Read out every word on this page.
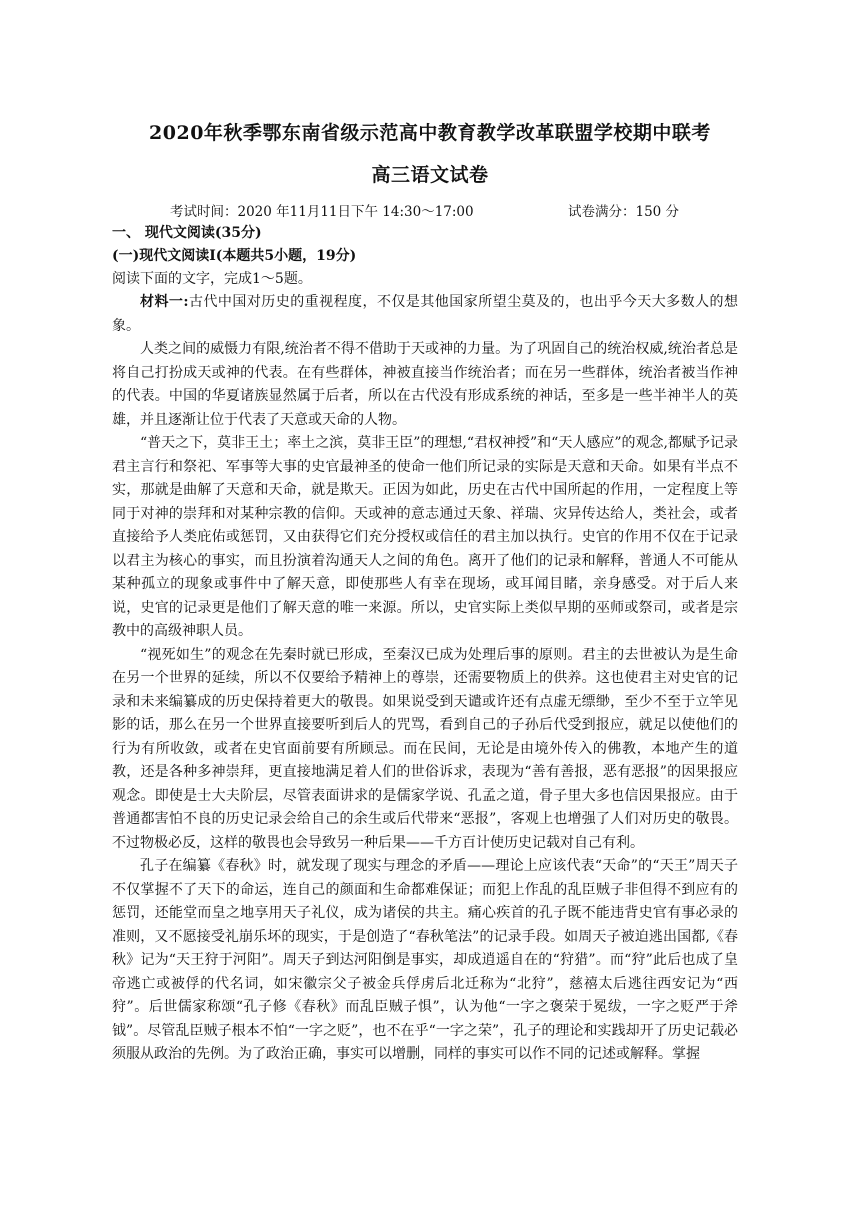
2020年秋季鄂东南省级示范高中教育教学改革联盟学校期中联考
高三语文试卷
考试时间：2020 年11月11日下午 14:30～17:00	试卷满分：150 分
一、 现代文阅读(35分)
(一)现代文阅读Ⅰ(本题共5小题，19分)
阅读下面的文字，完成1～5题。

材料一:古代中国对历史的重视程度，不仅是其他国家所望尘莫及的，也出乎今天大多数人的想象。

人类之间的威慑力有限,统治者不得不借助于天或神的力量。为了巩固自己的统治权威,统治者总是将自己打扮成天或神的代表。在有些群体，神被直接当作统治者；而在另一些群体，统治者被当作神的代表。中国的华夏诸族显然属于后者，所以在古代没有形成系统的神话，至多是一些半神半人的英雄，并且逐渐让位于代表了天意或天命的人物。

“普天之下，莫非王土；率土之滨，莫非王臣”的理想,“君权神授”和“天人感应”的观念,都赋予记录君主言行和祭祀、军事等大事的史官最神圣的使命一他们所记录的实际是天意和天命。如果有半点不实，那就是曲解了天意和天命，就是欺天。正因为如此，历史在古代中国所起的作用，一定程度上等同于对神的崇拜和对某种宗教的信仰。天或神的意志通过天象、祥瑞、灾异传达给人，类社会，或者直接给予人类庇佑或惩罚，又由获得它们充分授权或信任的君主加以执行。史官的作用不仅在于记录以君主为核心的事实，而且扮演着沟通天人之间的角色。离开了他们的记录和解释，普通人不可能从某种孤立的现象或事件中了解天意，即使那些人有幸在现场，或耳闻目睹，亲身感受。对于后人来说，史官的记录更是他们了解天意的唯一来源。所以，史官实际上类似早期的巫师或祭司，或者是宗教中的高级神职人员。

“视死如生”的观念在先秦时就已形成，至秦汉已成为处理后事的原则。君主的去世被认为是生命在另一个世界的延续，所以不仅要给予精神上的尊崇，还需要物质上的供养。这也使君主对史官的记录和未来编纂成的历史保持着更大的敬畏。如果说受到天谴或许还有点虚无缥缈，至少不至于立竿见影的话，那么在另一个世界直接要听到后人的咒骂，看到自己的子孙后代受到报应，就足以使他们的行为有所收敛，或者在史官面前要有所顾忌。而在民间，无论是由境外传入的佛教，本地产生的道教，还是各种多神崇拜，更直接地满足着人们的世俗诉求，表现为“善有善报，恶有恶报”的因果报应观念。即使是士大夫阶层，尽管表面讲求的是儒家学说、孔孟之道，骨子里大多也信因果报应。由于普通都害怕不良的历史记录会给自己的余生或后代带来“恶报”，客观上也增强了人们对历史的敬畏。不过物极必反，这样的敬畏也会导致另一种后果——千方百计使历史记载对自己有利。

孔子在编纂《春秋》时，就发现了现实与理念的矛盾——理论上应该代表“天命”的“天王”周天子不仅掌握不了天下的命运，连自己的颜面和生命都难保证；而犯上作乱的乱臣贼子非但得不到应有的惩罚，还能堂而皇之地享用天子礼仪，成为诸侯的共主。痛心疾首的孔子既不能违背史官有事必录的准则，又不愿接受礼崩乐坏的现实，于是创造了“春秋笔法”的记录手段。如周天子被迫逃出国都,《春秋》记为“天王狩于河阳”。周天子到达河阳倒是事实，却成逍遥自在的“狩猎”。而“狩”此后也成了皇帝逃亡或被俘的代名词，如宋徽宗父子被金兵俘虏后北迁称为“北狩”，慈禧太后逃往西安记为“西狩”。后世儒家称颂“孔子修《春秋》而乱臣贼子惧”，认为他“一字之褒荣于冕绂，一字之贬严于斧钺”。尽管乱臣贼子根本不怕“一字之贬”，也不在乎“一字之荣”，孔子的理论和实践却开了历史记载必须服从政治的先例。为了政治正确，事实可以增删，同样的事实可以作不同的记述或解释。掌握
